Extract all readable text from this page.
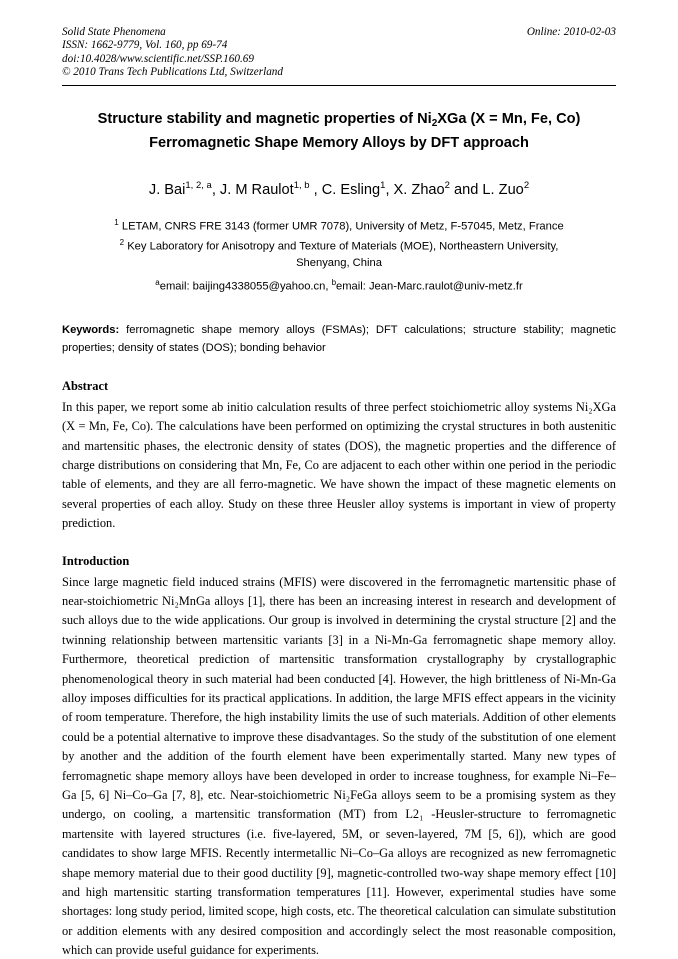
Online: 2010-02-03
Solid State Phenomena
ISSN: 1662-9779, Vol. 160, pp 69-74
doi:10.4028/www.scientific.net/SSP.160.69
© 2010 Trans Tech Publications Ltd, Switzerland
Structure stability and magnetic properties of $Ni_2XGa$ (X = Mn, Fe, Co)
Ferromagnetic Shape Memory Alloys by DFT approach
J. Bai$^{1, 2, a}$, J. M Raulot$^{1, b}$ , C. Esling$^1$, X. Zhao$^2$ and L. Zuo$^2$
$^1$ LETAM, CNRS FRE 3143 (former UMR 7078), University of Metz, F-57045, Metz, France
$^2$ Key Laboratory for Anisotropy and Texture of Materials (MOE), Northeastern University,
Shenyang, China
$^a$email: baijing4338055@yahoo.cn, $^b$email: Jean-Marc.raulot@univ-metz.fr
Keywords: ferromagnetic shape memory alloys (FSMAs); DFT calculations; structure stability; magnetic properties; density of states (DOS); bonding behavior
Abstract
In this paper, we report some ab initio calculation results of three perfect stoichiometric alloy systems Ni₂XGa (X = Mn, Fe, Co). The calculations have been performed on optimizing the crystal structures in both austenitic and martensitic phases, the electronic density of states (DOS), the magnetic properties and the difference of charge distributions on considering that Mn, Fe, Co are adjacent to each other within one period in the periodic table of elements, and they are all ferro-magnetic. We have shown the impact of these magnetic elements on several properties of each alloy. Study on these three Heusler alloy systems is important in view of property prediction.
Introduction
Since large magnetic field induced strains (MFIS) were discovered in the ferromagnetic martensitic phase of near-stoichiometric Ni₂MnGa alloys [1], there has been an increasing interest in research and development of such alloys due to the wide applications. Our group is involved in determining the crystal structure [2] and the twinning relationship between martensitic variants [3] in a Ni-Mn-Ga ferromagnetic shape memory alloy. Furthermore, theoretical prediction of martensitic transformation crystallography by crystallographic phenomenological theory in such material had been conducted [4]. However, the high brittleness of Ni-Mn-Ga alloy imposes difficulties for its practical applications. In addition, the large MFIS effect appears in the vicinity of room temperature. Therefore, the high instability limits the use of such materials. Addition of other elements could be a potential alternative to improve these disadvantages. So the study of the substitution of one element by another and the addition of the fourth element have been experimentally started. Many new types of ferromagnetic shape memory alloys have been developed in order to increase toughness, for example Ni–Fe–Ga [5, 6] Ni–Co–Ga [7, 8], etc. Near-stoichiometric Ni₂FeGa alloys seem to be a promising system as they undergo, on cooling, a martensitic transformation (MT) from L2₁ -Heusler-structure to ferromagnetic martensite with layered structures (i.e. five-layered, 5M, or seven-layered, 7M [5, 6]), which are good candidates to show large MFIS. Recently intermetallic Ni–Co–Ga alloys are recognized as new ferromagnetic shape memory material due to their good ductility [9], magnetic-controlled two-way shape memory effect [10] and high martensitic starting transformation temperatures [11]. However, experimental studies have some shortages: long study period, limited scope, high costs, etc. The theoretical calculation can simulate substitution or addition elements with any desired composition and accordingly select the most reasonable composition, which can provide useful guidance for experiments.
